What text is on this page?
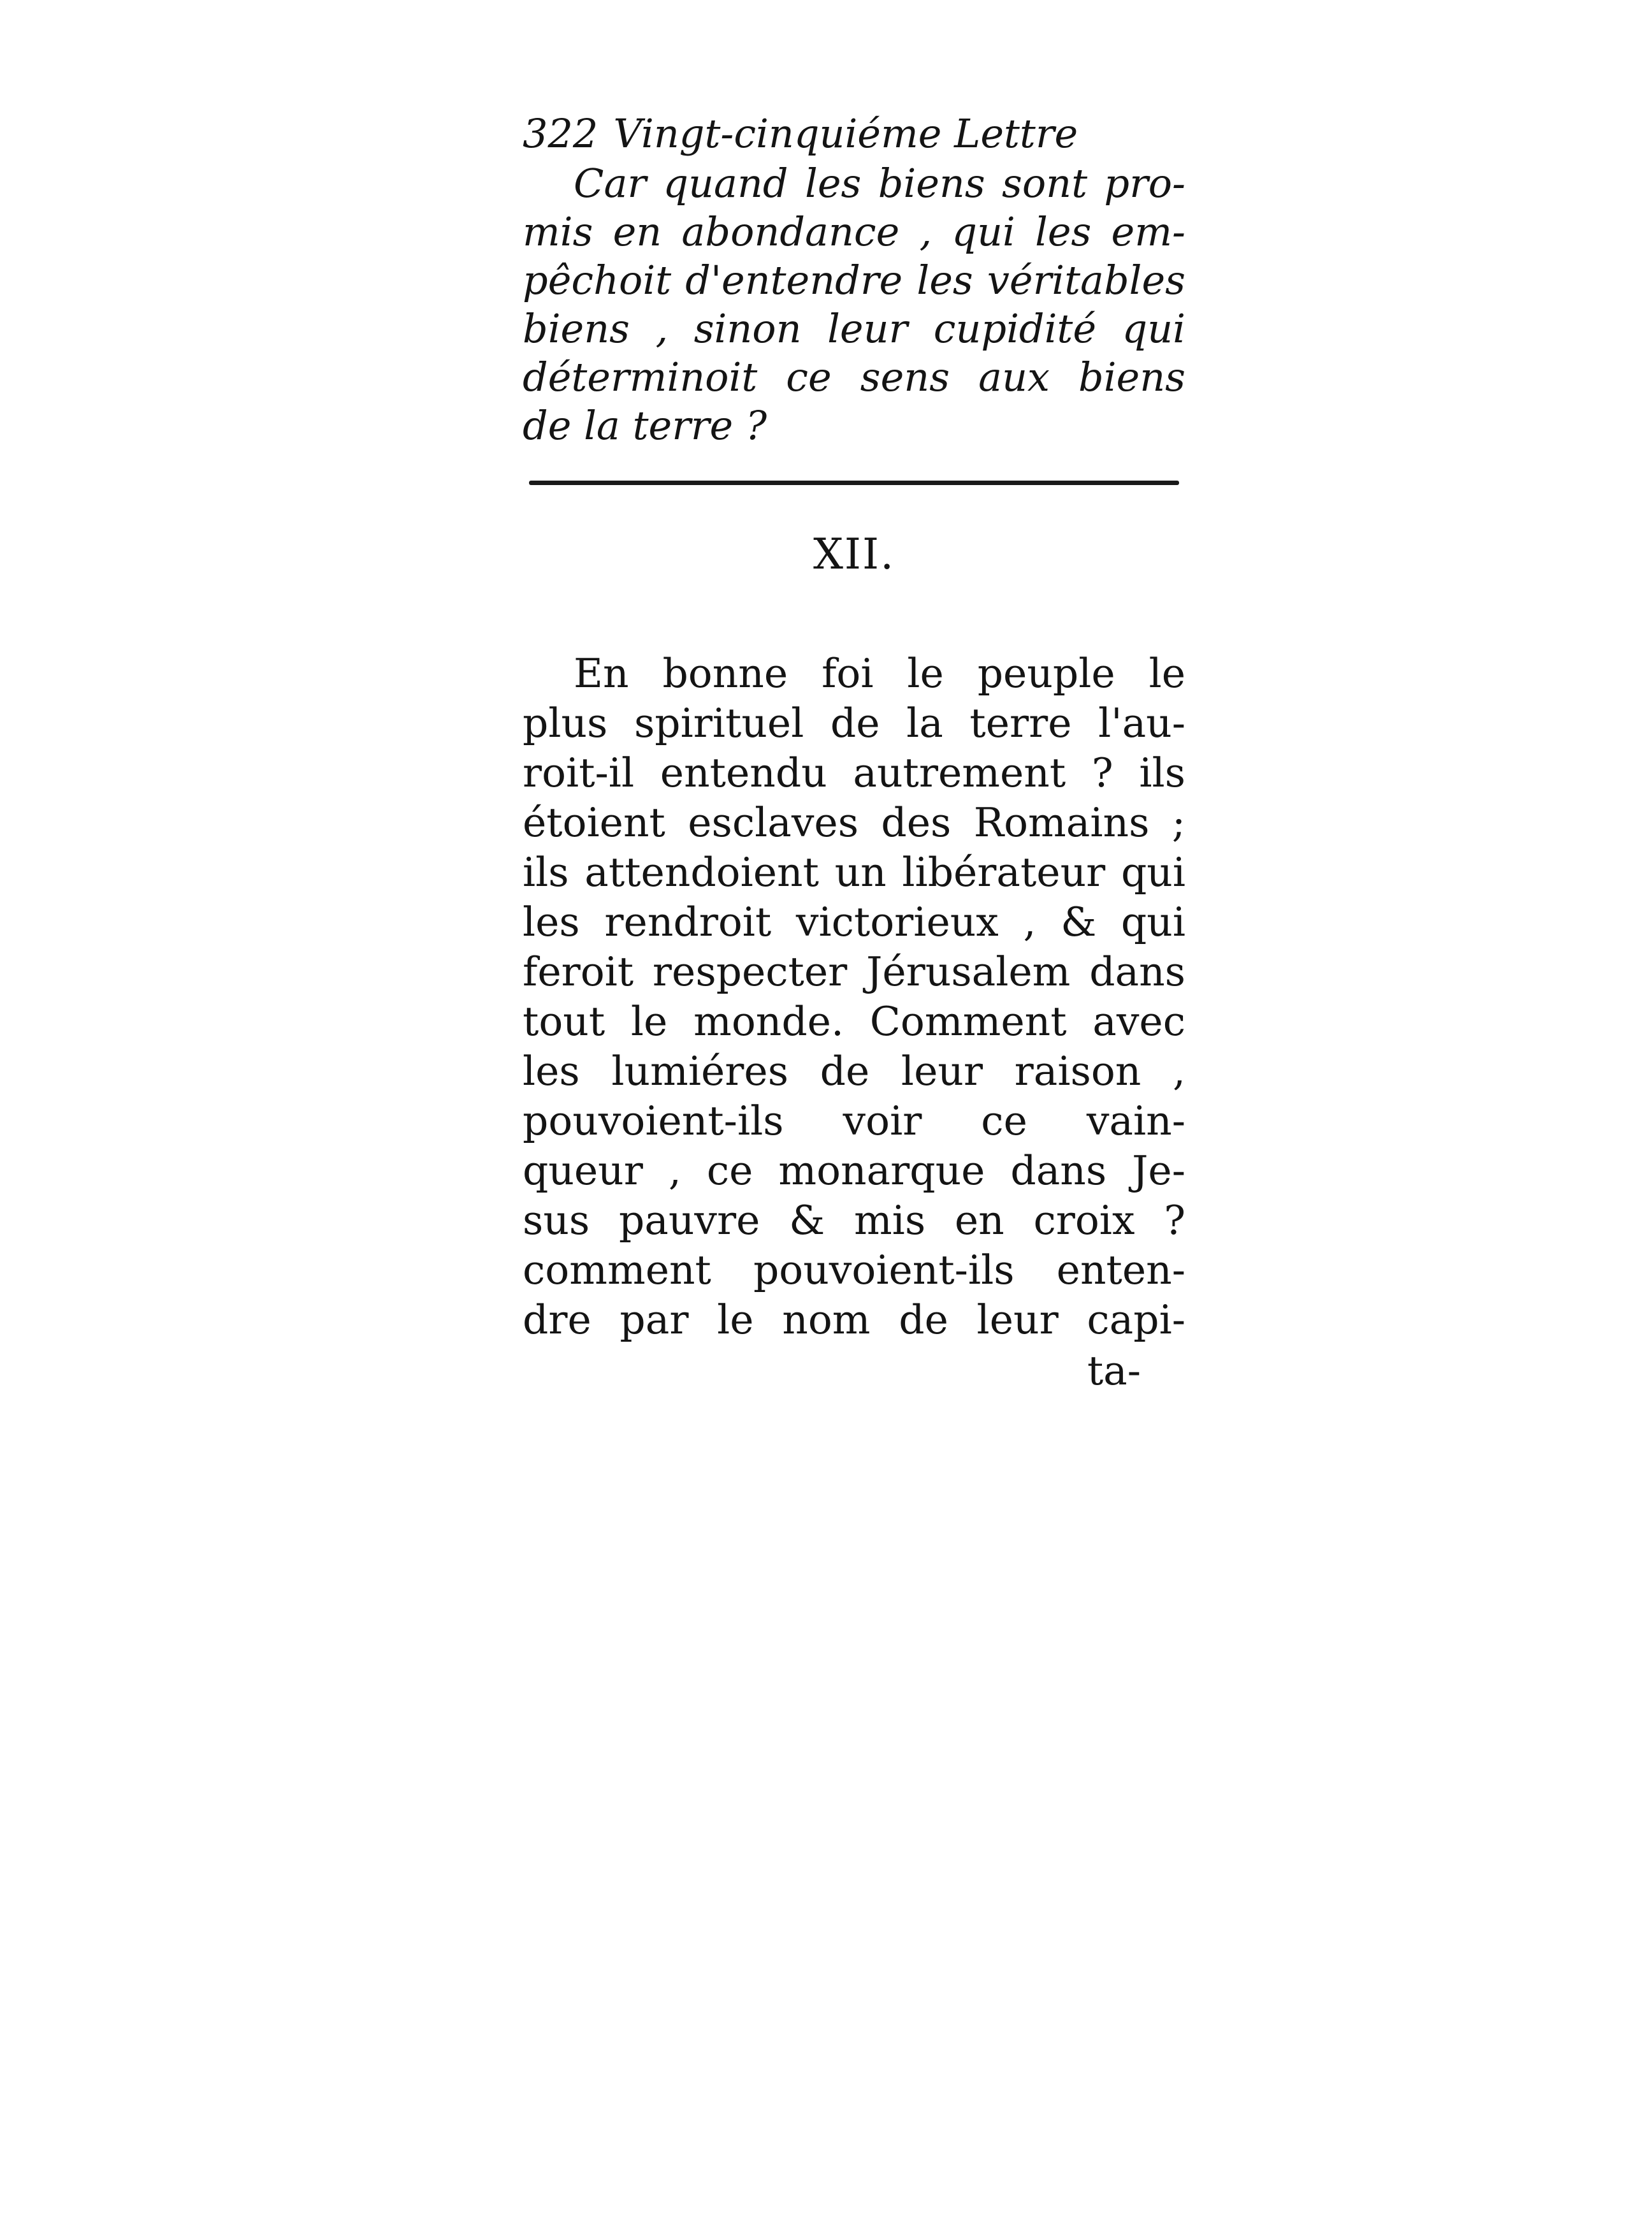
322 Vingt-cinquiéme Lettre
Car quand les biens sont pro-
mis en abondance , qui les em-
pêchoit d'entendre les véritables
biens , sinon leur cupidité qui
déterminoit ce sens aux biens
de la terre ?
XII.
En bonne foi le peuple le
plus spirituel de la terre l'au-
roit-il entendu autrement ? ils
étoient esclaves des Romains ;
ils attendoient un libérateur qui
les rendroit victorieux , & qui
feroit respecter Jérusalem dans
tout le monde. Comment avec
les lumiéres de leur raison ,
pouvoient-ils voir ce vain-
queur , ce monarque dans Je-
sus pauvre & mis en croix ?
comment pouvoient-ils enten-
dre par le nom de leur capi-
ta-
